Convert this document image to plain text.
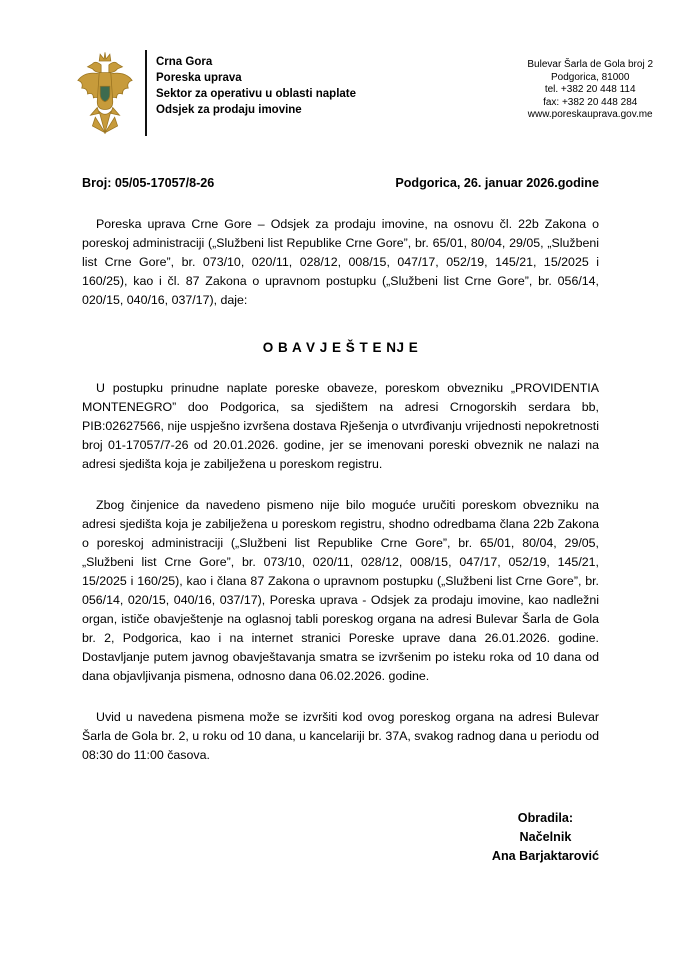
Crna Gora
Poreska uprava
Sektor za operativu u oblasti naplate
Odsjek za prodaju imovine
Bulevar Šarla de Gola broj 2
Podgorica, 81000
tel. +382 20 448 114
fax: +382 20 448 284
www.poreskauprava.gov.me
Broj: 05/05-17057/8-26	Podgorica, 26. januar 2026.godine

Poreska uprava Crne Gore – Odsjek za prodaju imovine, na osnovu čl. 22b Zakona o poreskoj administraciji („Službeni list Republike Crne Gore”, br. 65/01, 80/04, 29/05, „Službeni list Crne Gore”, br. 073/10, 020/11, 028/12, 008/15, 047/17, 052/19, 145/21, 15/2025 i 160/25), kao i čl. 87 Zakona o upravnom postupku („Službeni list Crne Gore”, br. 056/14, 020/15, 040/16, 037/17), daje:

O B A V J E Š T E NJ E

U postupku prinudne naplate poreske obaveze, poreskom obvezniku „PROVIDENTIA MONTENEGRO” doo Podgorica, sa sjedištem na adresi Crnogorskih serdara bb, PIB:02627566, nije uspješno izvršena dostava Rješenja o utvrđivanju vrijednosti nepokretnosti broj 01-17057/7-26 od 20.01.2026. godine, jer se imenovani poreski obveznik ne nalazi na adresi sjedišta koja je zabilježena u poreskom registru.

Zbog činjenice da navedeno pismeno nije bilo moguće uručiti poreskom obvezniku na adresi sjedišta koja je zabilježena u poreskom registru, shodno odredbama člana 22b Zakona o poreskoj administraciji („Službeni list Republike Crne Gore”, br. 65/01, 80/04, 29/05, „Službeni list Crne Gore”, br. 073/10, 020/11, 028/12, 008/15, 047/17, 052/19, 145/21, 15/2025 i 160/25), kao i člana 87 Zakona o upravnom postupku („Službeni list Crne Gore”, br. 056/14, 020/15, 040/16, 037/17), Poreska uprava - Odsjek za prodaju imovine, kao nadležni organ, ističe obavještenje na oglasnoj tabli poreskog organa na adresi Bulevar Šarla de Gola br. 2, Podgorica, kao i na internet stranici Poreske uprave dana 26.01.2026. godine. Dostavljanje putem javnog obavještavanja smatra se izvršenim po isteku roka od 10 dana od dana objavljivanja pismena, odnosno dana 06.02.2026. godine.

Uvid u navedena pismena može se izvršiti kod ovog poreskog organa na adresi Bulevar Šarla de Gola br. 2, u roku od 10 dana, u kancelariji br. 37A, svakog radnog dana u periodu od 08:30 do 11:00 časova.

Obradila:
Načelnik
Ana Barjaktarović
